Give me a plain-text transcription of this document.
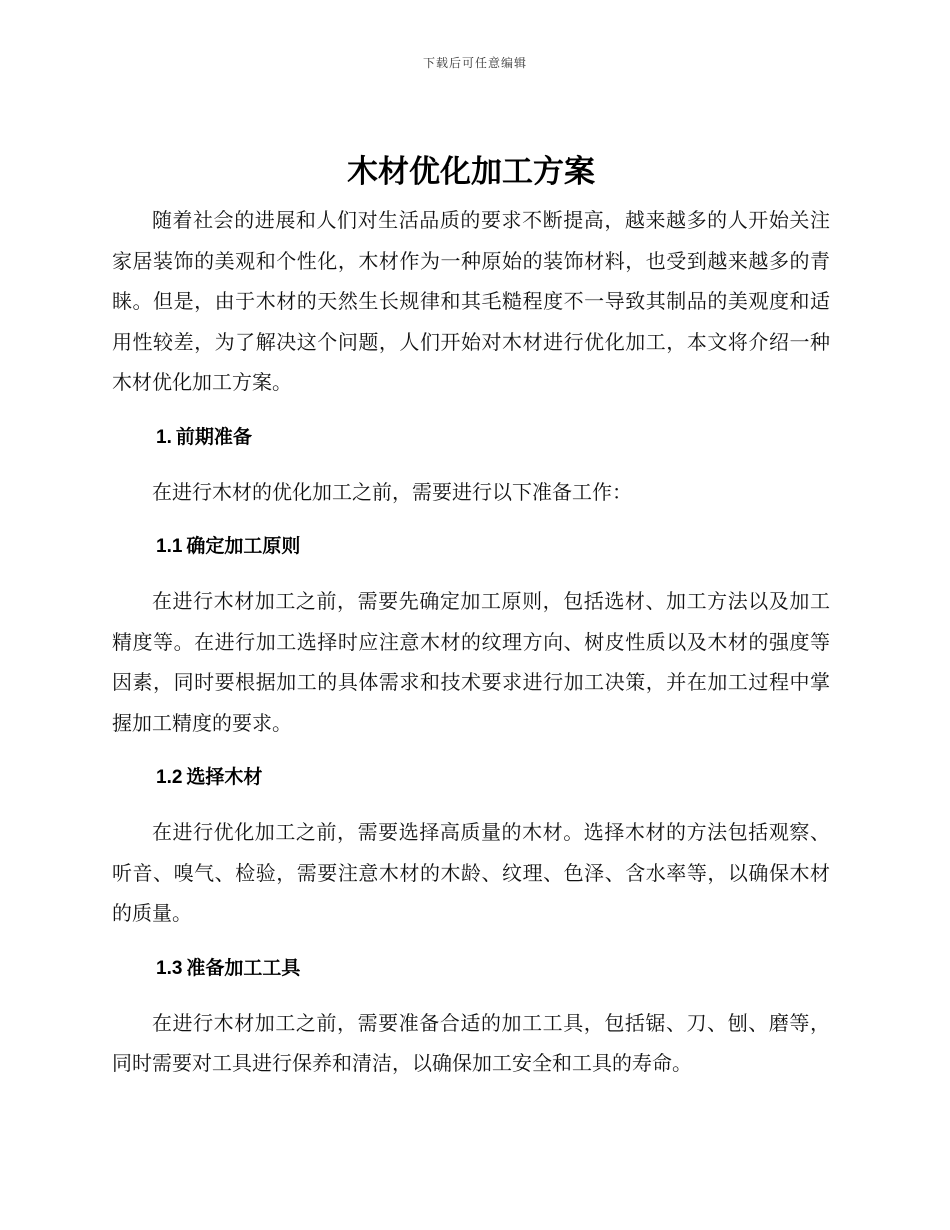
下载后可任意编辑
木材优化加工方案

随着社会的进展和人们对生活品质的要求不断提高，越来越多的人开始关注家居装饰的美观和个性化，木材作为一种原始的装饰材料，也受到越来越多的青睐。但是，由于木材的天然生长规律和其毛糙程度不一导致其制品的美观度和适用性较差，为了解决这个问题，人们开始对木材进行优化加工，本文将介绍一种木材优化加工方案。

1. 前期准备

在进行木材的优化加工之前，需要进行以下准备工作：

1.1 确定加工原则

在进行木材加工之前，需要先确定加工原则，包括选材、加工方法以及加工精度等。在进行加工选择时应注意木材的纹理方向、树皮性质以及木材的强度等因素，同时要根据加工的具体需求和技术要求进行加工决策，并在加工过程中掌握加工精度的要求。

1.2 选择木材

在进行优化加工之前，需要选择高质量的木材。选择木材的方法包括观察、听音、嗅气、检验，需要注意木材的木龄、纹理、色泽、含水率等，以确保木材的质量。

1.3 准备加工工具

在进行木材加工之前，需要准备合适的加工工具，包括锯、刀、刨、磨等，同时需要对工具进行保养和清洁，以确保加工安全和工具的寿命。
